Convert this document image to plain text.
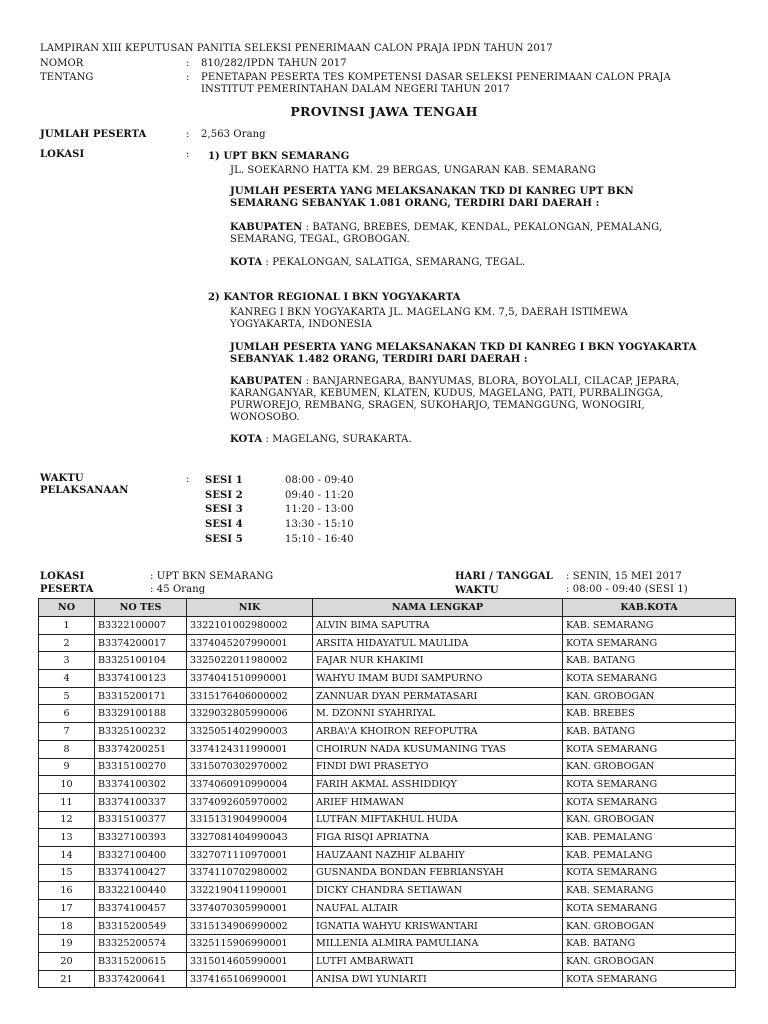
LAMPIRAN XIII KEPUTUSAN PANITIA SELEKSI PENERIMAAN CALON PRAJA IPDN TAHUN 2017
NOMOR	: 810/282/IPDN TAHUN 2017
TENTANG	: PENETAPAN PESERTA TES KOMPETENSI DASAR SELEKSI PENERIMAAN CALON PRAJA
INSTITUT PEMERINTAHAN DALAM NEGERI TAHUN 2017
PROVINSI JAWA TENGAH
JUMLAH PESERTA	: 2,563 Orang
LOKASI	: 1) UPT BKN SEMARANG
JL. SOEKARNO HATTA KM. 29 BERGAS, UNGARAN KAB. SEMARANG
JUMLAH PESERTA YANG MELAKSANAKAN TKD DI KANREG UPT BKN
SEMARANG SEBANYAK 1.081 ORANG, TERDIRI DARI DAERAH :
KABUPATEN : BATANG, BREBES, DEMAK, KENDAL, PEKALONGAN, PEMALANG,
SEMARANG, TEGAL, GROBOGAN.
KOTA : PEKALONGAN, SALATIGA, SEMARANG, TEGAL.
2) KANTOR REGIONAL I BKN YOGYAKARTA
KANREG I BKN YOGYAKARTA JL. MAGELANG KM. 7,5, DAERAH ISTIMEWA
YOGYAKARTA, INDONESIA
JUMLAH PESERTA YANG MELAKSANAKAN TKD DI KANREG I BKN YOGYAKARTA
SEBANYAK 1.482 ORANG, TERDIRI DARI DAERAH :
KABUPATEN : BANJARNEGARA, BANYUMAS, BLORA, BOYOLALI, CILACAP, JEPARA,
KARANGANYAR, KEBUMEN, KLATEN, KUDUS, MAGELANG, PATI, PURBALINGGA,
PURWOREJO, REMBANG, SRAGEN, SUKOHARJO, TEMANGGUNG, WONOGIRI,
WONOSOBO.
KOTA : MAGELANG, SURAKARTA.
WAKTU
PELAKSANAAN
: SESI 1	08:00 - 09:40
SESI 2	09:40 - 11:20
SESI 3	11:20 - 13:00
SESI 4	13:30 - 15:10
SESI 5	15:10 - 16:40
LOKASI	: UPT BKN SEMARANG
PESERTA	: 45 Orang
HARI / TANGGAL : SENIN, 15 MEI 2017
WAKTU	: 08:00 - 09:40 (SESI 1)
NO	NO TES	NIK	NAMA LENGKAP	KAB.KOTA
1	B3322100007	3322101002980002	ALVIN BIMA SAPUTRA	KAB. SEMARANG
2	B3374200017	3374045207990001	ARSITA HIDAYATUL MAULIDA	KOTA SEMARANG
3	B3325100104	3325022011980002	FAJAR NUR KHAKIMI	KAB. BATANG
4	B3374100123	3374041510990001	WAHYU IMAM BUDI SAMPURNO	KOTA SEMARANG
5	B3315200171	3315176406000002	ZANNUAR DYAN PERMATASARI	KAN. GROBOGAN
6	B3329100188	3329032805990006	M. DZONNI SYAHRIYAL	KAB. BREBES
7	B3325100232	3325051402990003	ARBA\'A KHOIRON REFOPUTRA	KAB. BATANG
8	B3374200251	3374124311990001	CHOIRUN NADA KUSUMANING TYAS	KOTA SEMARANG
9	B3315100270	3315070302970002	FINDI DWI PRASETYO	KAN. GROBOGAN
10	B3374100302	3374060910990004	FARIH AKMAL ASSHIDDIQY	KOTA SEMARANG
11	B3374100337	3374092605970002	ARIEF HIMAWAN	KOTA SEMARANG
12	B3315100377	3315131904990004	LUTFAN MIFTAKHUL HUDA	KAN. GROBOGAN
13	B3327100393	3327081404990043	FIGA RISQI APRIATNA	KAB. PEMALANG
14	B3327100400	3327071110970001	HAUZAANI NAZHIF ALBAHIY	KAB. PEMALANG
15	B3374100427	3374110702980002	GUSNANDA BONDAN FEBRIANSYAH	KOTA SEMARANG
16	B3322100440	3322190411990001	DICKY CHANDRA SETIAWAN	KAB. SEMARANG
17	B3374100457	3374070305990001	NAUFAL ALTAIR	KOTA SEMARANG
18	B3315200549	3315134906990002	IGNATIA WAHYU KRISWANTARI	KAN. GROBOGAN
19	B3325200574	3325115906990001	MILLENIA ALMIRA PAMULIANA	KAB. BATANG
20	B3315200615	3315014605990001	LUTFI AMBARWATI	KAN. GROBOGAN
21	B3374200641	3374165106990001	ANISA DWI YUNIARTI	KOTA SEMARANG
